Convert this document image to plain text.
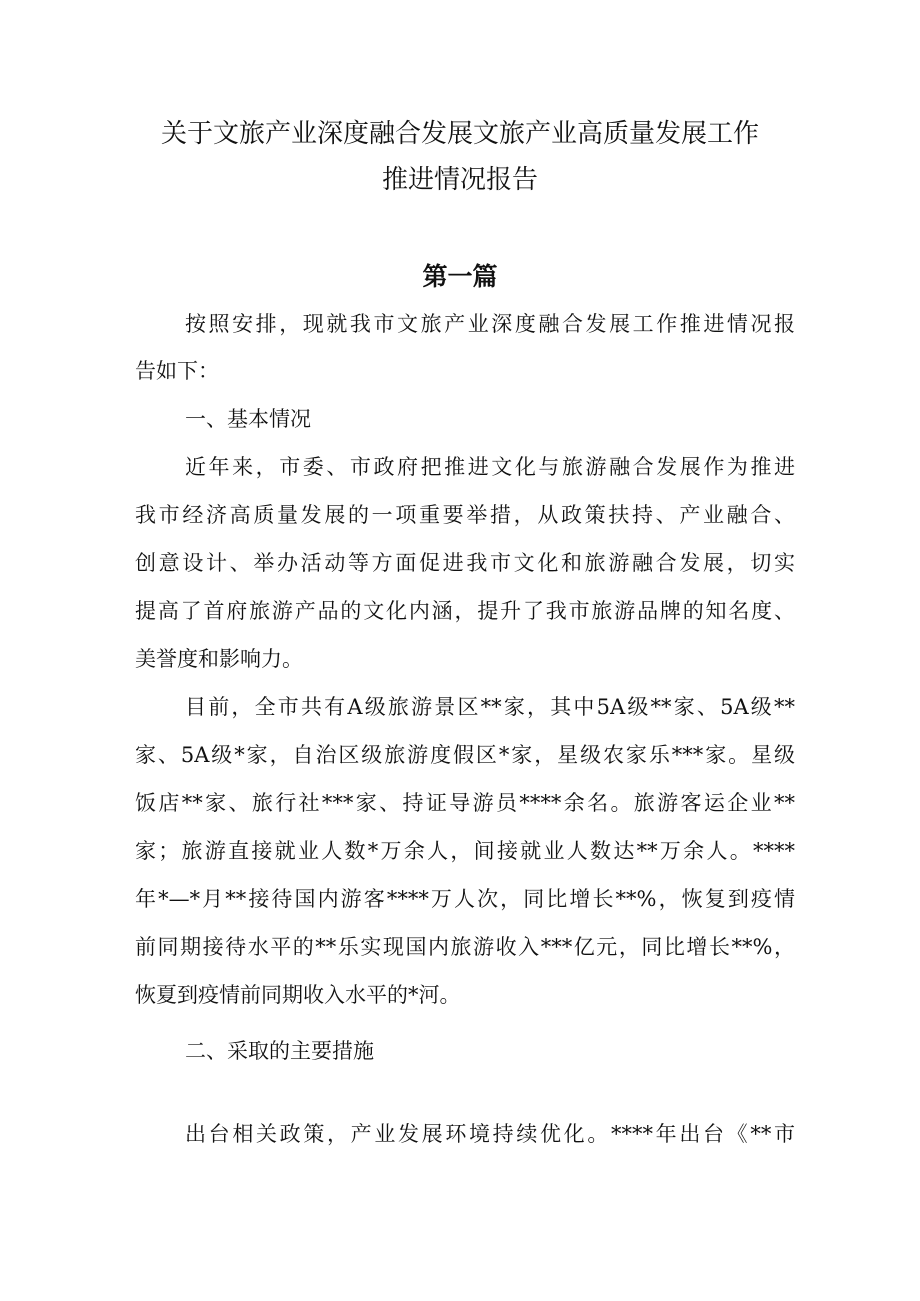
关于文旅产业深度融合发展文旅产业高质量发展工作
推进情况报告
第一篇

按照安排，现就我市文旅产业深度融合发展工作推进情况报

告如下：

一、基本情况

近年来，市委、市政府把推进文化与旅游融合发展作为推进

我市经济高质量发展的一项重要举措，从政策扶持、产业融合、

创意设计、举办活动等方面促进我市文化和旅游融合发展，切实

提高了首府旅游产品的文化内涵，提升了我市旅游品牌的知名度、

美誉度和影响力。

目前，全市共有A级旅游景区**家，其中5A级**家、5A级**

家、5A级*家，自治区级旅游度假区*家，星级农家乐***家。星级

饭店**家、旅行社***家、持证导游员****余名。旅游客运企业**

家；旅游直接就业人数*万余人，间接就业人数达**万余人。****

年*—*月**接待国内游客****万人次，同比增长**%，恢复到疫情

前同期接待水平的**乐实现国内旅游收入***亿元，同比增长**%，

恢夏到疫情前同期收入水平的*河。

二、采取的主要措施

出台相关政策，产业发展环境持续优化。****年出台《**市
